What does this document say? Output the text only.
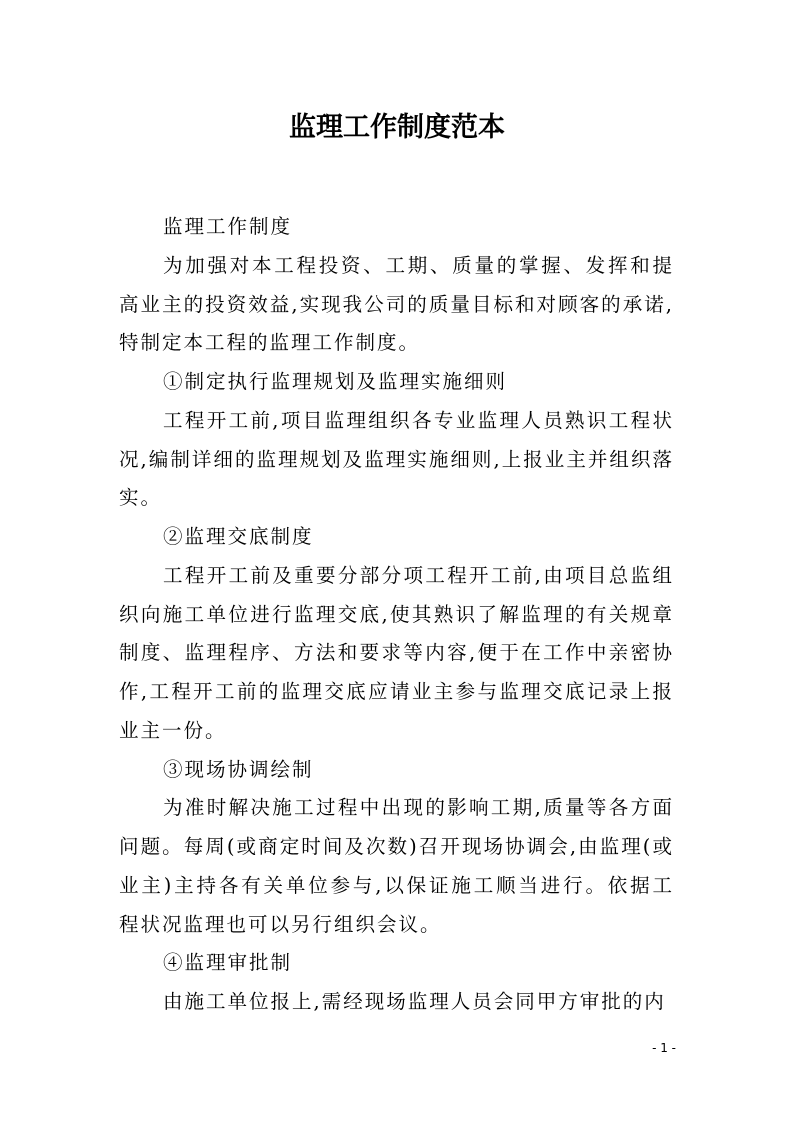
监理工作制度范本

监理工作制度

为加强对本工程投资、工期、质量的掌握、发挥和提高业主的投资效益,实现我公司的质量目标和对顾客的承诺,特制定本工程的监理工作制度。

①制定执行监理规划及监理实施细则

工程开工前,项目监理组织各专业监理人员熟识工程状况,编制详细的监理规划及监理实施细则,上报业主并组织落实。

②监理交底制度

工程开工前及重要分部分项工程开工前,由项目总监组织向施工单位进行监理交底,使其熟识了解监理的有关规章制度、监理程序、方法和要求等内容,便于在工作中亲密协作,工程开工前的监理交底应请业主参与监理交底记录上报业主一份。

③现场协调绘制

为准时解决施工过程中出现的影响工期,质量等各方面问题。每周(或商定时间及次数)召开现场协调会,由监理(或业主)主持各有关单位参与,以保证施工顺当进行。依据工程状况监理也可以另行组织会议。

④监理审批制

由施工单位报上,需经现场监理人员会同甲方审批的内

- 1 -
